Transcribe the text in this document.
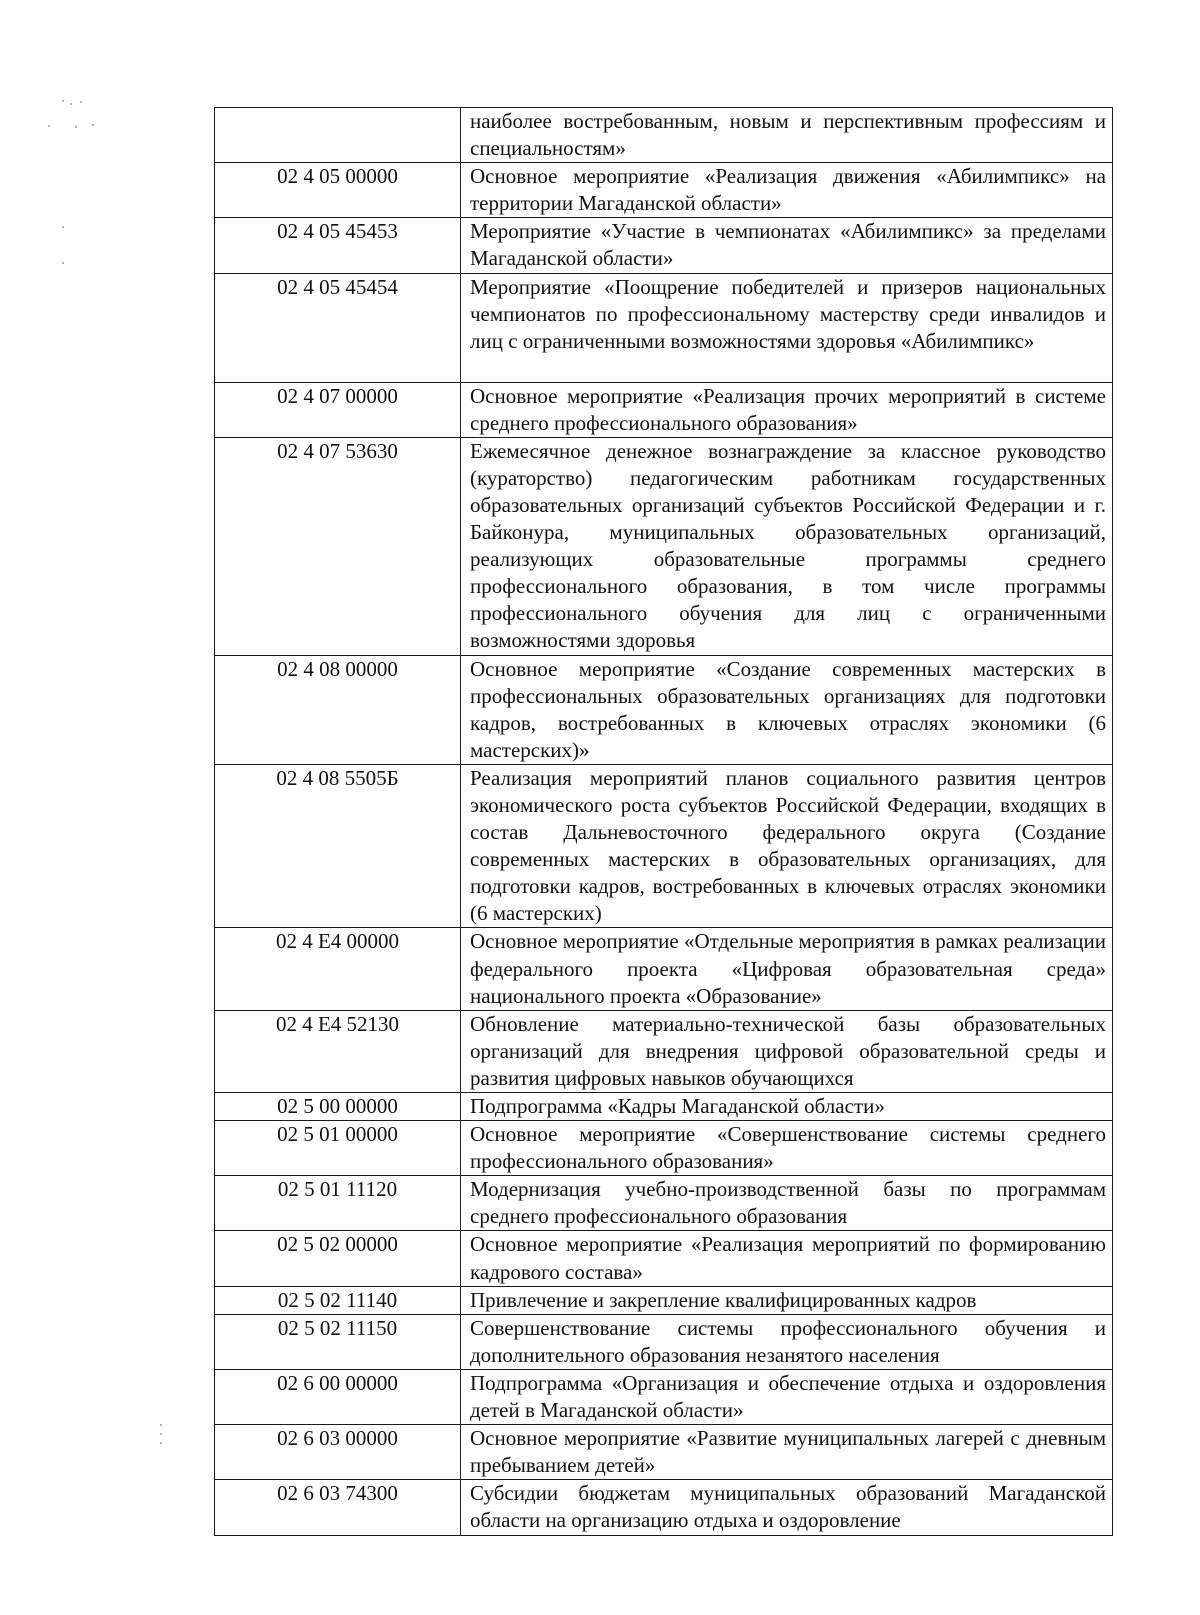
	наиболее востребованным, новым и перспективным профессиям и специальностям»
02 4 05 00000	Основное мероприятие «Реализация движения «Абилимпикс» на территории Магаданской области»
02 4 05 45453	Мероприятие «Участие в чемпионатах «Абилимпикс» за пределами Магаданской области»
02 4 05 45454	Мероприятие «Поощрение победителей и призеров национальных чемпионатов по профессиональному мастерству среди инвалидов и лиц с ограниченными возможностями здоровья «Абилимпикс»
02 4 07 00000	Основное мероприятие «Реализация прочих мероприятий в системе среднего профессионального образования»
02 4 07 53630	Ежемесячное денежное вознаграждение за классное руководство (кураторство) педагогическим работникам государственных образовательных организаций субъектов Российской Федерации и г. Байконура, муниципальных образовательных организаций, реализующих образовательные программы среднего профессионального образования, в том числе программы профессионального обучения для лиц с ограниченными возможностями здоровья
02 4 08 00000	Основное мероприятие «Создание современных мастерских в профессиональных образовательных организациях для подготовки кадров, востребованных в ключевых отраслях экономики (6 мастерских)»
02 4 08 5505Б	Реализация мероприятий планов социального развития центров экономического роста субъектов Российской Федерации, входящих в состав Дальневосточного федерального округа (Создание современных мастерских в образовательных организациях, для подготовки кадров, востребованных в ключевых отраслях экономики (6 мастерских)
02 4 E4 00000	Основное мероприятие «Отдельные мероприятия в рамках реализации федерального проекта «Цифровая образовательная среда» национального проекта «Образование»
02 4 E4 52130	Обновление материально-технической базы образовательных организаций для внедрения цифровой образовательной среды и развития цифровых навыков обучающихся
02 5 00 00000	Подпрограмма «Кадры Магаданской области»
02 5 01 00000	Основное мероприятие «Совершенствование системы среднего профессионального образования»
02 5 01 11120	Модернизация учебно-производственной базы по программам среднего профессионального образования
02 5 02 00000	Основное мероприятие «Реализация мероприятий по формированию кадрового состава»
02 5 02 11140	Привлечение и закрепление квалифицированных кадров
02 5 02 11150	Совершенствование системы профессионального обучения и дополнительного образования незанятого населения
02 6 00 00000	Подпрограмма «Организация и обеспечение отдыха и оздоровления детей в Магаданской области»
02 6 03 00000	Основное мероприятие «Развитие муниципальных лагерей с дневным пребыванием детей»
02 6 03 74300	Субсидии бюджетам муниципальных образований Магаданской области на организацию отдыха и оздоровление
